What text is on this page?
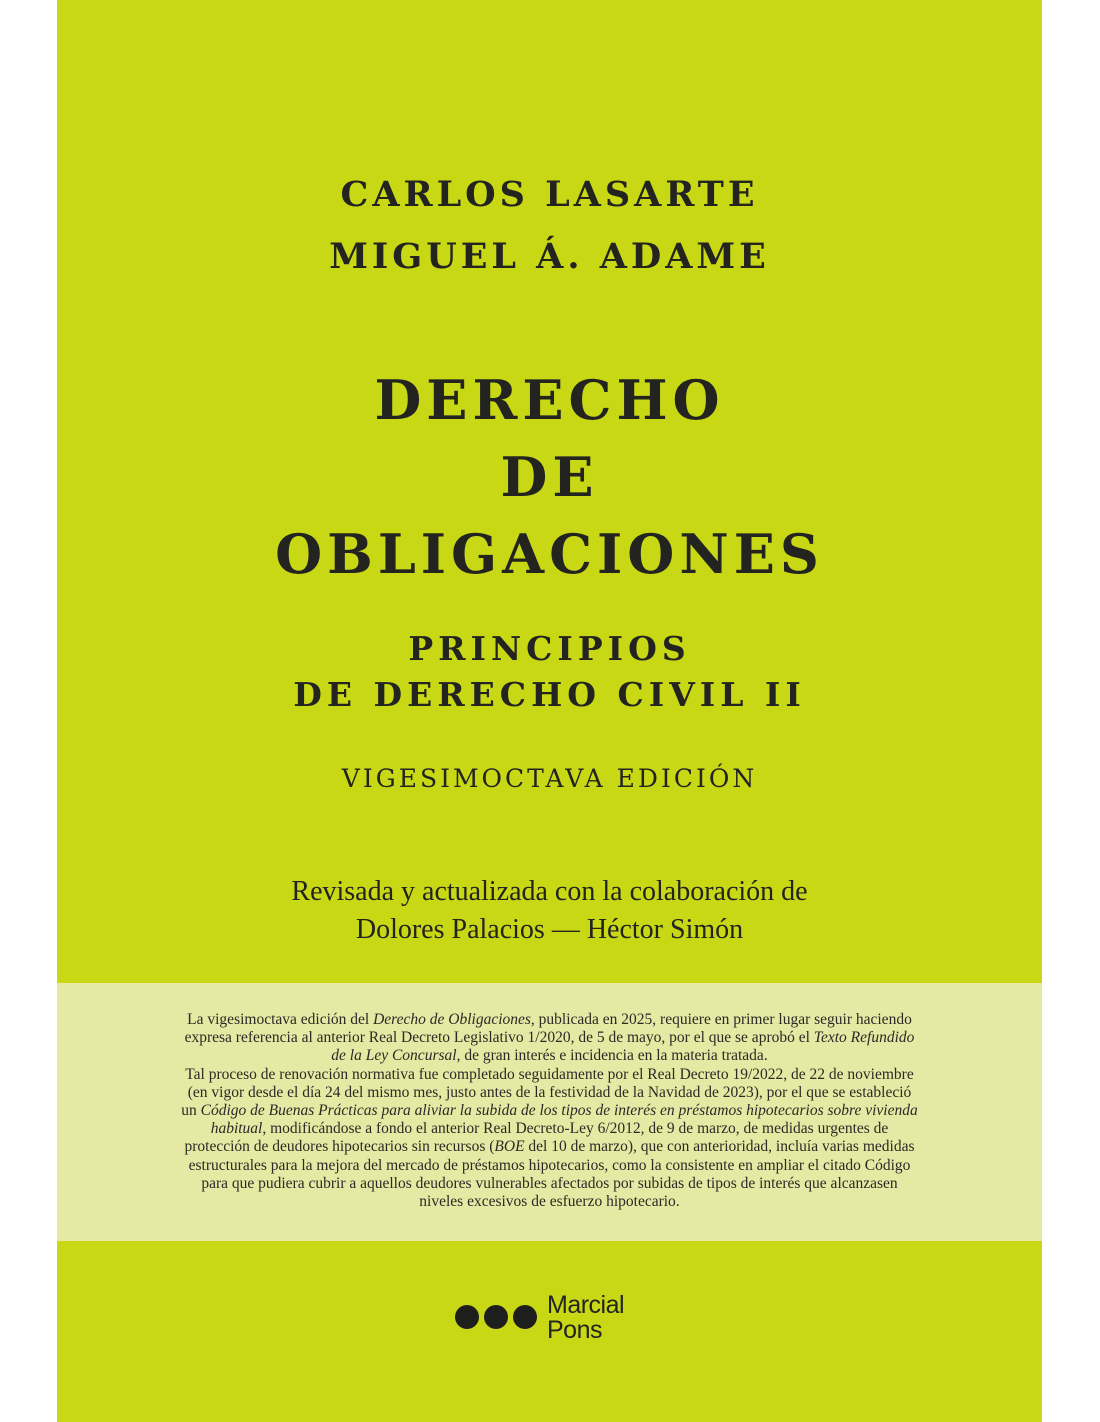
CARLOS LASARTE
MIGUEL Á. ADAME
DERECHO
DE
OBLIGACIONES
PRINCIPIOS
DE DERECHO CIVIL II
VIGESIMOCTAVA EDICIÓN
Revisada y actualizada con la colaboración de
Dolores Palacios — Héctor Simón
La vigesimoctava edición del Derecho de Obligaciones, publicada en 2025, requiere en primer lugar seguir haciendo
expresa referencia al anterior Real Decreto Legislativo 1/2020, de 5 de mayo, por el que se aprobó el Texto Refundido
de la Ley Concursal, de gran interés e incidencia en la materia tratada.
Tal proceso de renovación normativa fue completado seguidamente por el Real Decreto 19/2022, de 22 de noviembre
(en vigor desde el día 24 del mismo mes, justo antes de la festividad de la Navidad de 2023), por el que se estableció
un Código de Buenas Prácticas para aliviar la subida de los tipos de interés en préstamos hipotecarios sobre vivienda
habitual, modificándose a fondo el anterior Real Decreto-Ley 6/2012, de 9 de marzo, de medidas urgentes de
protección de deudores hipotecarios sin recursos (BOE del 10 de marzo), que con anterioridad, incluía varias medidas
estructurales para la mejora del mercado de préstamos hipotecarios, como la consistente en ampliar el citado Código
para que pudiera cubrir a aquellos deudores vulnerables afectados por subidas de tipos de interés que alcanzasen
niveles excesivos de esfuerzo hipotecario.
Marcial
Pons
